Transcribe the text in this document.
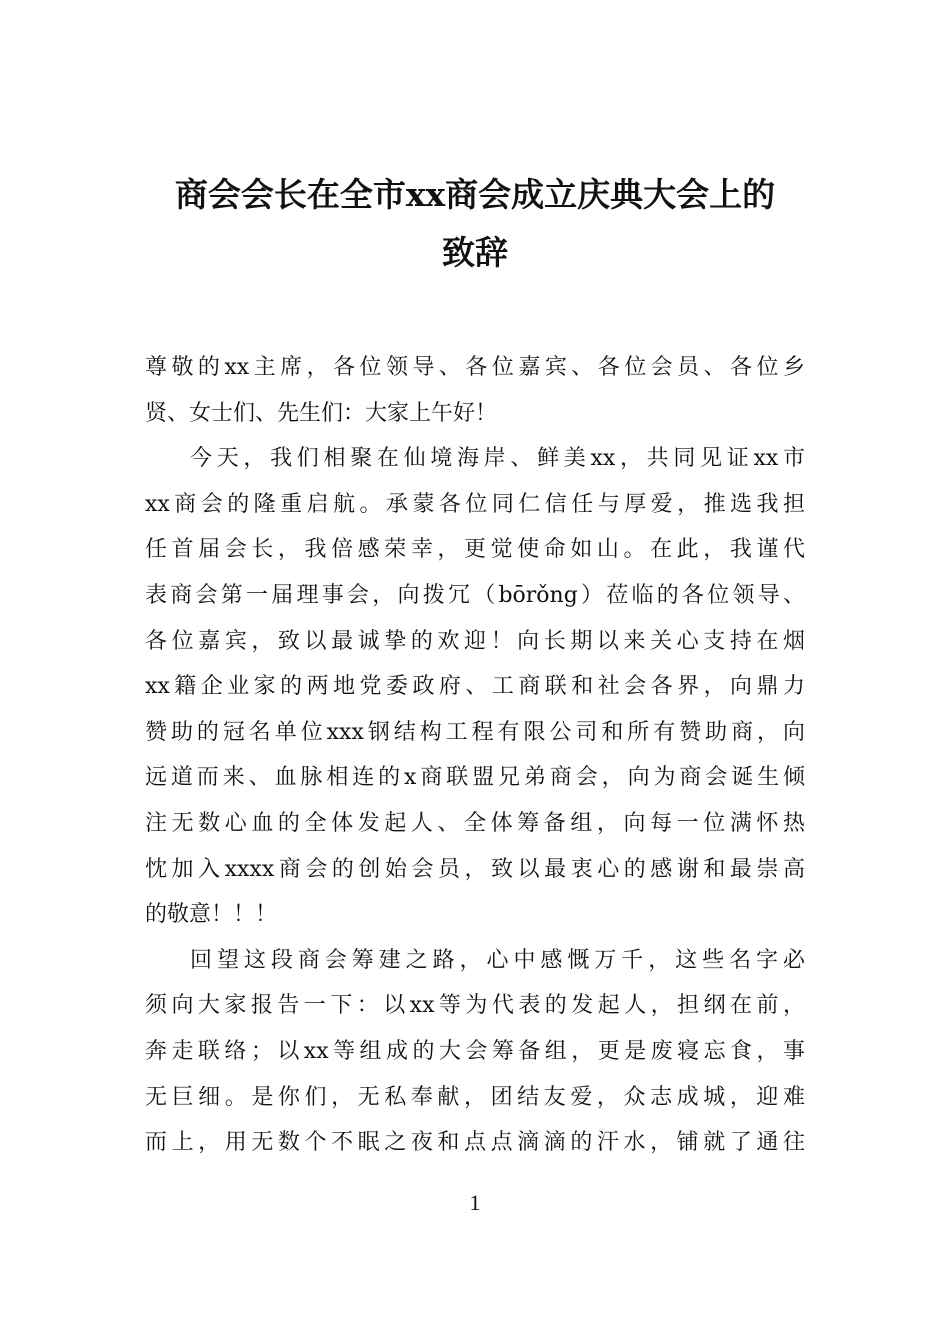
商会会长在全市xx商会成立庆典大会上的
致辞
尊敬的xx主席，各位领导、各位嘉宾、各位会员、各位乡
贤、女士们、先生们：大家上午好！
今天，我们相聚在仙境海岸、鲜美xx，共同见证xx市
xx商会的隆重启航。承蒙各位同仁信任与厚爱，推选我担
任首届会长，我倍感荣幸，更觉使命如山。在此，我谨代
表商会第一届理事会，向拨冗（bōrǒng）莅临的各位领导、
各位嘉宾，致以最诚挚的欢迎！向长期以来关心支持在烟
xx籍企业家的两地党委政府、工商联和社会各界，向鼎力
赞助的冠名单位xxx钢结构工程有限公司和所有赞助商，向
远道而来、血脉相连的x商联盟兄弟商会，向为商会诞生倾
注无数心血的全体发起人、全体筹备组，向每一位满怀热
忱加入xxxx商会的创始会员，致以最衷心的感谢和最崇高
的敬意！！！
回望这段商会筹建之路，心中感慨万千，这些名字必
须向大家报告一下：以xx等为代表的发起人，担纲在前，
奔走联络；以xx等组成的大会筹备组，更是废寝忘食，事
无巨细。是你们，无私奉献，团结友爱，众志成城，迎难
而上，用无数个不眠之夜和点点滴滴的汗水，铺就了通往
1
